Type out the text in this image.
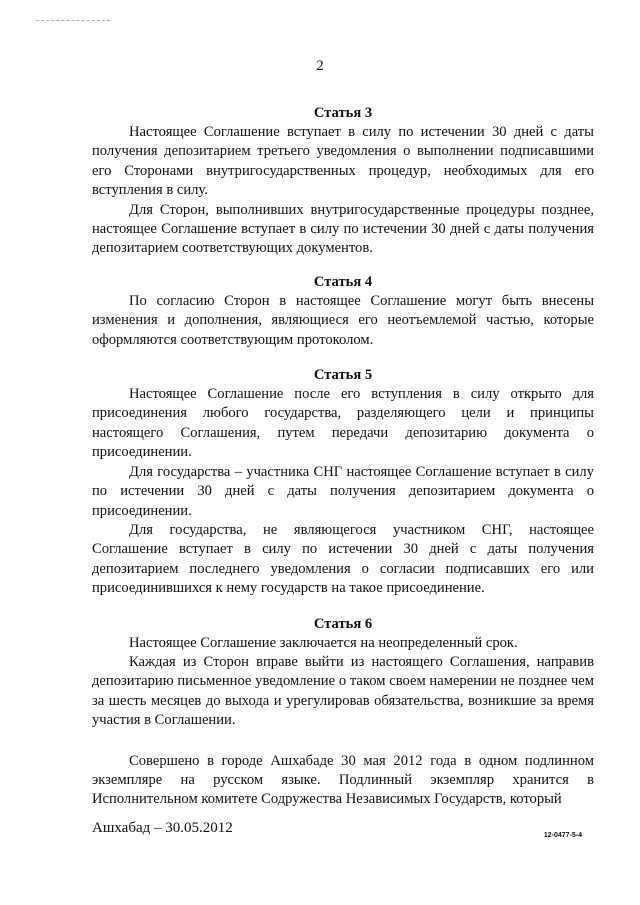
2

Статья 3

Настоящее Соглашение вступает в силу по истечении 30 дней с даты получения депозитарием третьего уведомления о выполнении подписавшими его Сторонами внутригосударственных процедур, необходимых для его вступления в силу.

Для Сторон, выполнивших внутригосударственные процедуры позднее, настоящее Соглашение вступает в силу по истечении 30 дней с даты получения депозитарием соответствующих документов.

Статья 4

По согласию Сторон в настоящее Соглашение могут быть внесены изменения и дополнения, являющиеся его неотъемлемой частью, которые оформляются соответствующим протоколом.

Статья 5

Настоящее Соглашение после его вступления в силу открыто для присоединения любого государства, разделяющего цели и принципы настоящего Соглашения, путем передачи депозитарию документа о присоединении.

Для государства – участника СНГ настоящее Соглашение вступает в силу по истечении 30 дней с даты получения депозитарием документа о присоединении.

Для государства, не являющегося участником СНГ, настоящее Соглашение вступает в силу по истечении 30 дней с даты получения депозитарием последнего уведомления о согласии подписавших его или присоединившихся к нему государств на такое присоединение.

Статья 6

Настоящее Соглашение заключается на неопределенный срок.

Каждая из Сторон вправе выйти из настоящего Соглашения, направив депозитарию письменное уведомление о таком своем намерении не позднее чем за шесть месяцев до выхода и урегулировав обязательства, возникшие за время участия в Соглашении.

Совершено в городе Ашхабаде 30 мая 2012 года в одном подлинном экземпляре на русском языке. Подлинный экземпляр хранится в Исполнительном комитете Содружества Независимых Государств, который

Ашхабад – 30.05.2012	12-0477-5-4
